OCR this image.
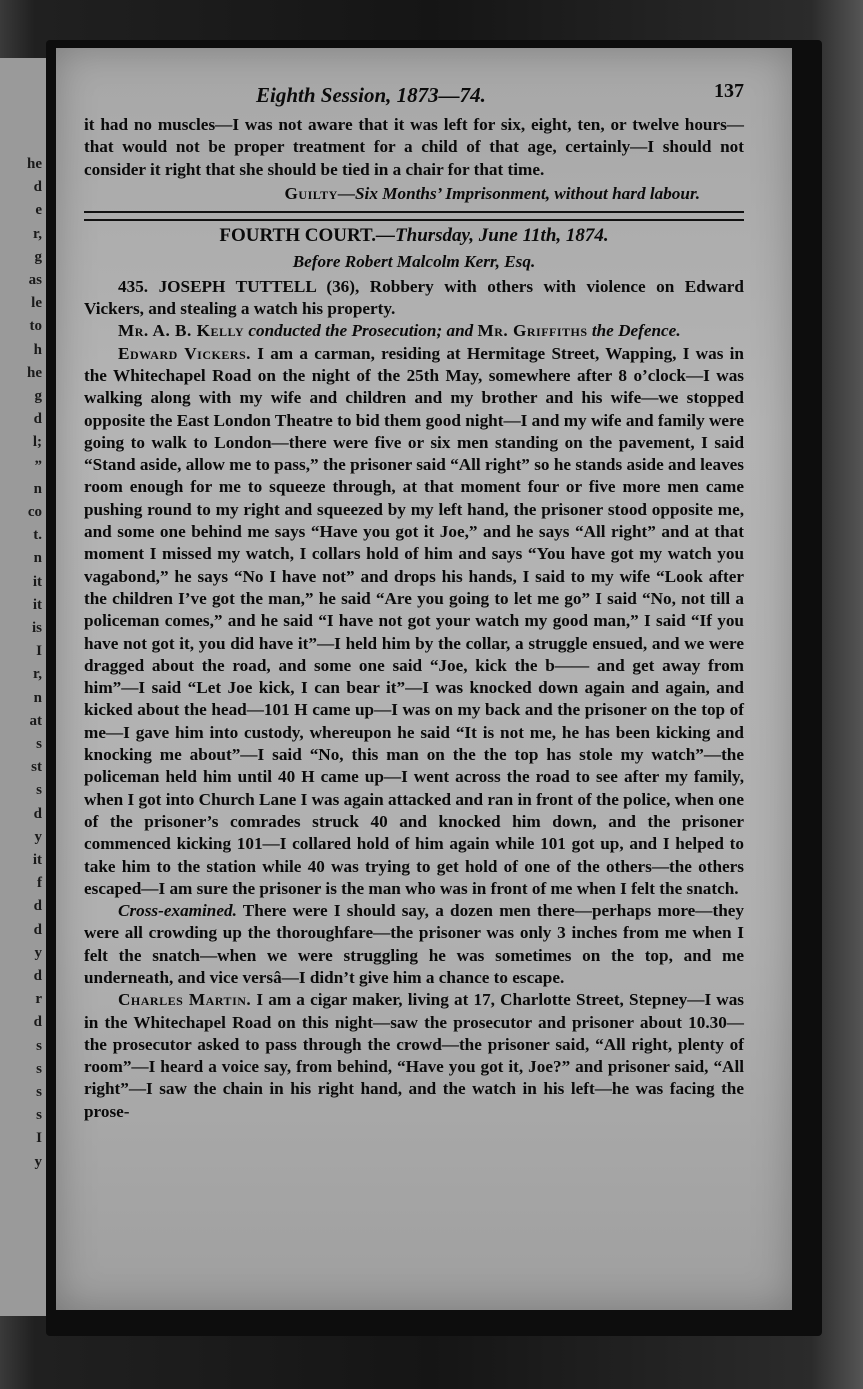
he
d
e
r,
g
as
le
to
h
he
g
d
l;
”
n
co
t.
n
it
it
is
I
r,
n
at
s
st
s
d
y
it
f
d
d
y
d
r
d
s
s
s
s
I
y
Eighth Session, 1873—74.	137

it had no muscles—I was not aware that it was left for six, eight, ten, or twelve hours—that would not be proper treatment for a child of that age, certainly—I should not consider it right that she should be tied in a chair for that time.

Guilty—Six Months’ Imprisonment, without hard labour.

FOURTH COURT.—Thursday, June 11th, 1874.

Before Robert Malcolm Kerr, Esq.

435. JOSEPH TUTTELL (36), Robbery with others with violence on Edward Vickers, and stealing a watch his property.

Mr. A. B. Kelly conducted the Prosecution; and Mr. Griffiths the Defence.

Edward Vickers. I am a carman, residing at Hermitage Street, Wapping, I was in the Whitechapel Road on the night of the 25th May, somewhere after 8 o’clock—I was walking along with my wife and children and my brother and his wife—we stopped opposite the East London Theatre to bid them good night—I and my wife and family were going to walk to London—there were five or six men standing on the pavement, I said “Stand aside, allow me to pass,” the prisoner said “All right” so he stands aside and leaves room enough for me to squeeze through, at that moment four or five more men came pushing round to my right and squeezed by my left hand, the prisoner stood opposite me, and some one behind me says “Have you got it Joe,” and he says “All right” and at that moment I missed my watch, I collars hold of him and says “You have got my watch you vagabond,” he says “No I have not” and drops his hands, I said to my wife “Look after the children I’ve got the man,” he said “Are you going to let me go” I said “No, not till a policeman comes,” and he said “I have not got your watch my good man,” I said “If you have not got it, you did have it”—I held him by the collar, a struggle ensued, and we were dragged about the road, and some one said “Joe, kick the b—— and get away from him”—I said “Let Joe kick, I can bear it”—I was knocked down again and again, and kicked about the head—101 H came up—I was on my back and the prisoner on the top of me—I gave him into custody, whereupon he said “It is not me, he has been kicking and knocking me about”—I said “No, this man on the the top has stole my watch”—the policeman held him until 40 H came up—I went across the road to see after my family, when I got into Church Lane I was again attacked and ran in front of the police, when one of the prisoner’s comrades struck 40 and knocked him down, and the prisoner commenced kicking 101—I collared hold of him again while 101 got up, and I helped to take him to the station while 40 was trying to get hold of one of the others—the others escaped—I am sure the prisoner is the man who was in front of me when I felt the snatch.

Cross-examined. There were I should say, a dozen men there—perhaps more—they were all crowding up the thoroughfare—the prisoner was only 3 inches from me when I felt the snatch—when we were struggling he was sometimes on the top, and me underneath, and vice versâ—I didn’t give him a chance to escape.

Charles Martin. I am a cigar maker, living at 17, Charlotte Street, Stepney—I was in the Whitechapel Road on this night—saw the prosecutor and prisoner about 10.30—the prosecutor asked to pass through the crowd—the prisoner said, “All right, plenty of room”—I heard a voice say, from behind, “Have you got it, Joe?” and prisoner said, “All right”—I saw the chain in his right hand, and the watch in his left—he was facing the prose-
